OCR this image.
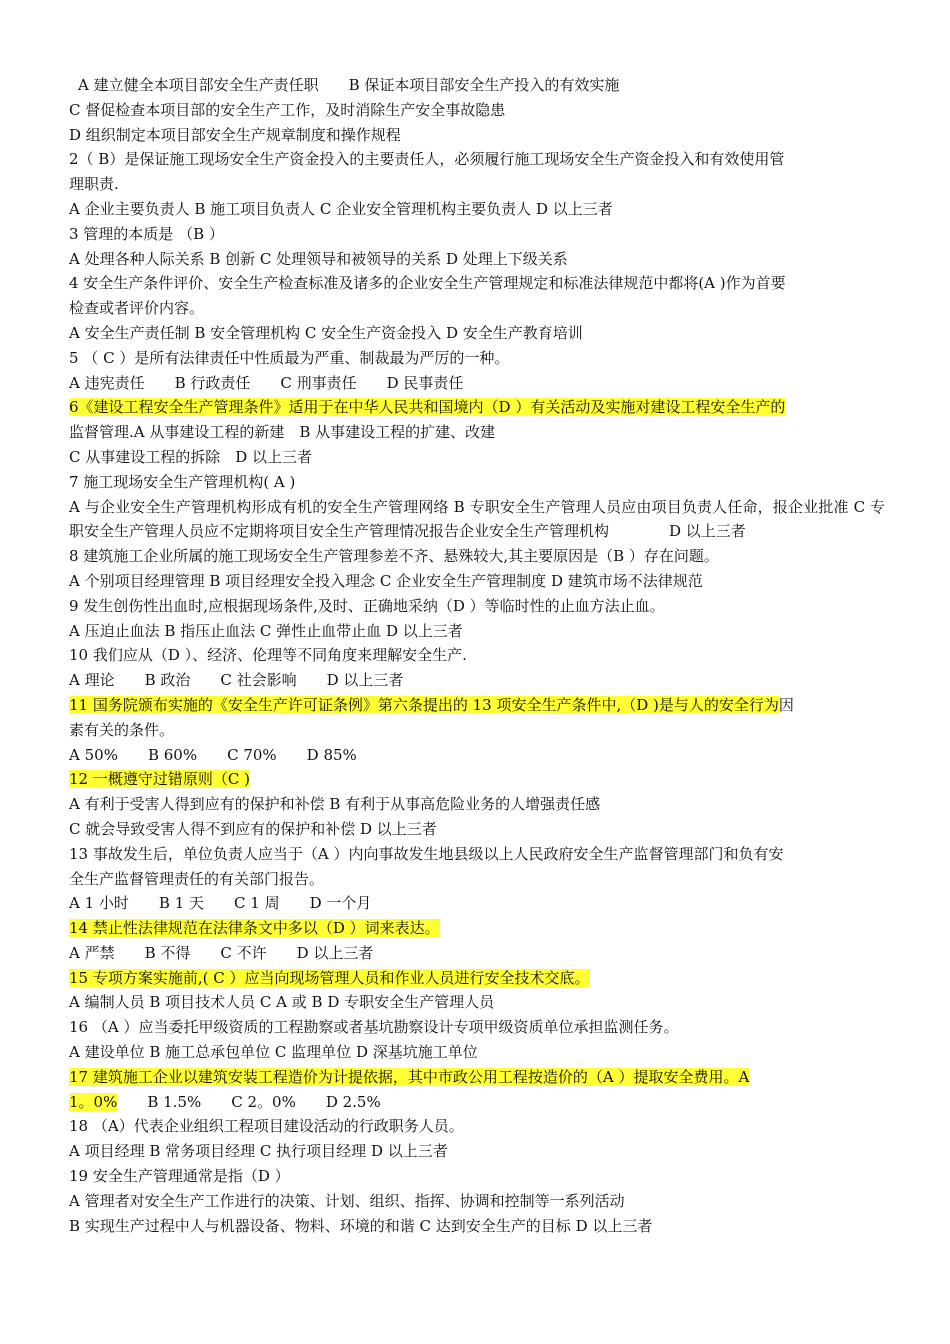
A 建立健全本项目部安全生产责任职　　B 保证本项目部安全生产投入的有效实施
C 督促检查本项目部的安全生产工作，及时消除生产安全事故隐患
D 组织制定本项目部安全生产规章制度和操作规程
2（ B）是保证施工现场安全生产资金投入的主要责任人，必须履行施工现场安全生产资金投入和有效使用管
理职责.
A 企业主要负责人 B 施工项目负责人 C 企业安全管理机构主要负责人 D 以上三者
3 管理的本质是 （B ）
A 处理各种人际关系 B 创新 C 处理领导和被领导的关系 D 处理上下级关系
4 安全生产条件评价、安全生产检查标准及诸多的企业安全生产管理规定和标准法律规范中都将(A )作为首要
检查或者评价内容。
A 安全生产责任制 B 安全管理机构 C 安全生产资金投入 D 安全生产教育培训
5 （ C ）是所有法律责任中性质最为严重、制裁最为严厉的一种。
A 违宪责任　　B 行政责任　　C 刑事责任　　D 民事责任
6《建设工程安全生产管理条件》适用于在中华人民共和国境内（D ）有关活动及实施对建设工程安全生产的
监督管理.A 从事建设工程的新建　B 从事建设工程的扩建、改建
C 从事建设工程的拆除　D 以上三者
7 施工现场安全生产管理机构( A )
A 与企业安全生产管理机构形成有机的安全生产管理网络 B 专职安全生产管理人员应由项目负责人任命，报企业批准 C 专职安全生产管理人员应不定期将项目安全生产管理情况报告企业安全生产管理机构　　　　D 以上三者
8 建筑施工企业所属的施工现场安全生产管理参差不齐、悬殊较大,其主要原因是（B ）存在问题。
A 个别项目经理管理 B 项目经理安全投入理念 C 企业安全生产管理制度 D 建筑市场不法律规范
9 发生创伤性出血时,应根据现场条件,及时、正确地采纳（D ）等临时性的止血方法止血。
A 压迫止血法 B 指压止血法 C 弹性止血带止血 D 以上三者
10 我们应从（D ）、经济、伦理等不同角度来理解安全生产.
A 理论　　B 政治　　C 社会影响　　D 以上三者
11 国务院颁布实施的《安全生产许可证条例》第六条提出的 13 项安全生产条件中,（D )是与人的安全行为因
素有关的条件。
A 50%　　B 60%　　C 70%　　D 85%
12 一概遵守过错原则（C )
A 有利于受害人得到应有的保护和补偿 B 有利于从事高危险业务的人增强责任感
C 就会导致受害人得不到应有的保护和补偿 D 以上三者
13 事故发生后，单位负责人应当于（A ）内向事故发生地县级以上人民政府安全生产监督管理部门和负有安
全生产监督管理责任的有关部门报告。
A 1 小时　　B 1 天　　C 1 周　　D 一个月
14 禁止性法律规范在法律条文中多以（D ）词来表达。
A 严禁　　B 不得　　C 不许　　D 以上三者
15 专项方案实施前,( C ）应当向现场管理人员和作业人员进行安全技术交底。
A 编制人员 B 项目技术人员 C A 或 B D 专职安全生产管理人员
16 （A ）应当委托甲级资质的工程勘察或者基坑勘察设计专项甲级资质单位承担监测任务。
A 建设单位 B 施工总承包单位 C 监理单位 D 深基坑施工单位
17 建筑施工企业以建筑安装工程造价为计提依据，其中市政公用工程按造价的（A ）提取安全费用。A
1。0%　　B 1.5%　　C 2。0%　　D 2.5%
18 （A）代表企业组织工程项目建设活动的行政职务人员。
A 项目经理 B 常务项目经理 C 执行项目经理 D 以上三者
19 安全生产管理通常是指（D ）
A 管理者对安全生产工作进行的决策、计划、组织、指挥、协调和控制等一系列活动
B 实现生产过程中人与机器设备、物料、环境的和谐 C 达到安全生产的目标 D 以上三者
